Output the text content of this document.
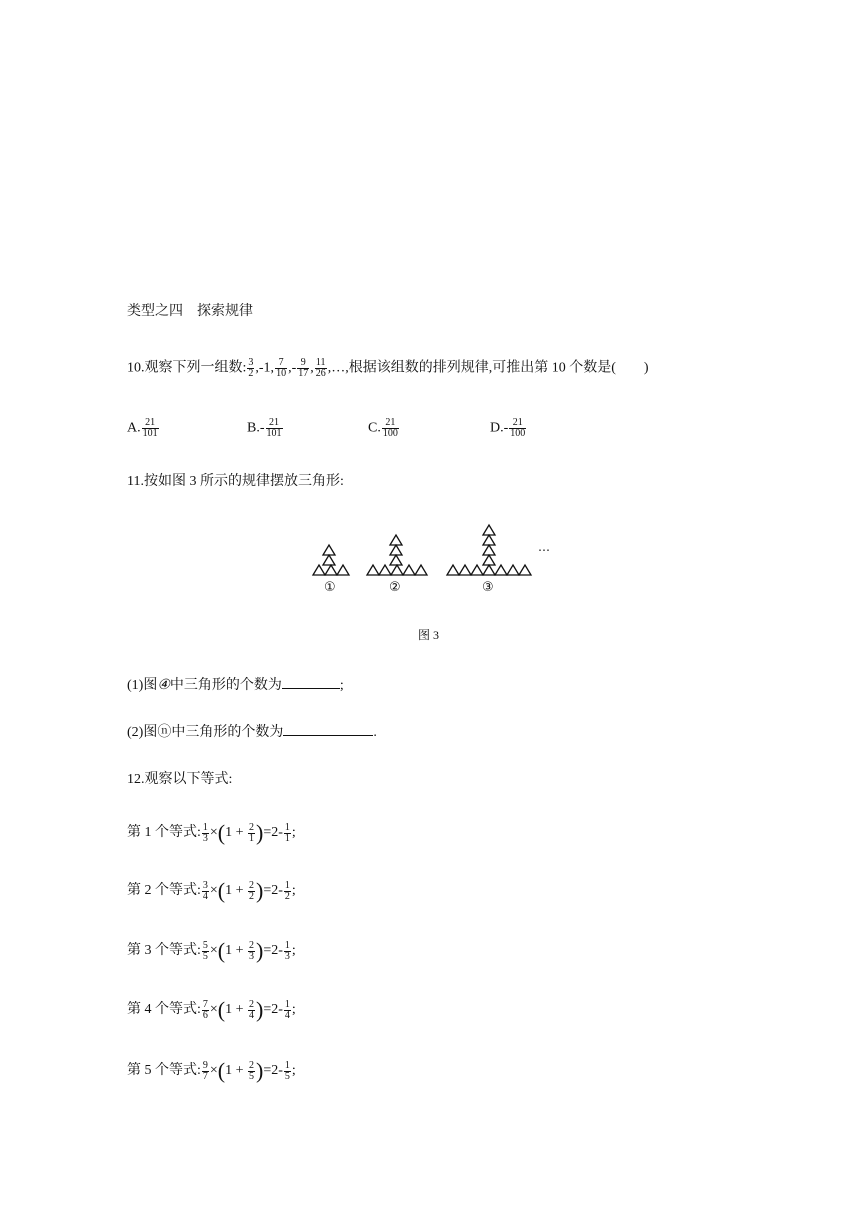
类型之四　探索规律
10.观察下列一组数: $\frac{3}{2} ,-1$, $\frac{7}{10}$ ,- $\frac{9}{17}$ , $\frac{11}{26}$ ,…,根据该组数的排列规律,可推出第 10 个数是(　　)
A. $\frac{21}{101}$	$B.- \frac{21}{101}$	C. $\frac{21}{100}$	$D.- \frac{21}{100}$
11.按如图 3 所示的规律摆放三角形:
…
①	②	③
图 3
(1)图④中三角形的个数为	;
(2)图ⓝ中三角形的个数为	.
12.观察以下等式:
第 1 个等式: $\frac{1}{3} \times(1 + \frac{2}{1} )=2- \frac{1}{1}$ ;
第 2 个等式: $\frac{3}{4} \times(1 + \frac{2}{2} )=2- \frac{1}{2}$ ;
第 3 个等式: $\frac{5}{5} \times(1 + \frac{2}{3} )=2- \frac{1}{3}$ ;
第 4 个等式: $\frac{7}{6} \times(1 + \frac{2}{4} )=2- \frac{1}{4}$ ;
第 5 个等式: $\frac{9}{7} \times(1 + \frac{2}{5} )=2- \frac{1}{5}$ ;
